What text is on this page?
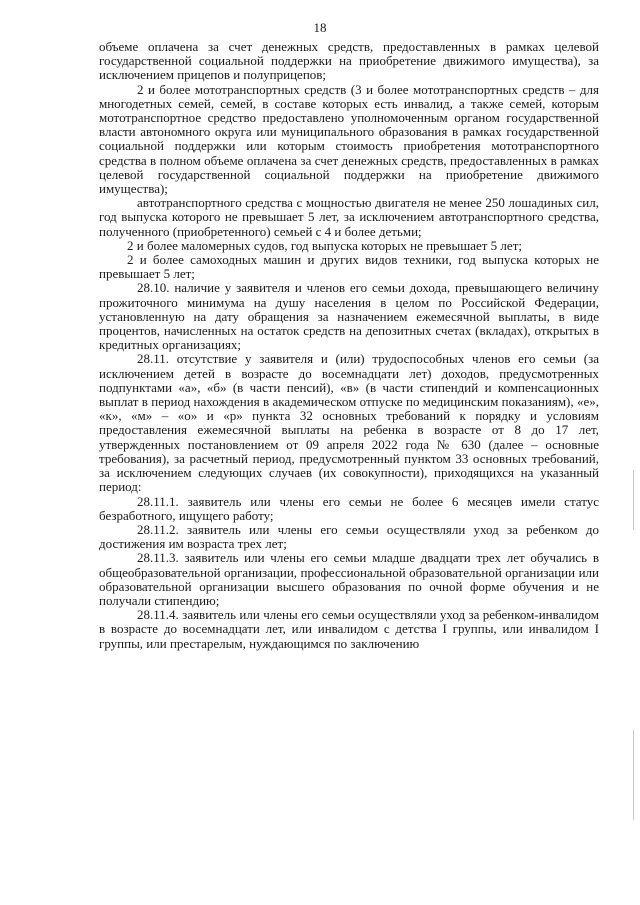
18

объеме оплачена за счет денежных средств, предоставленных в рамках целевой государственной социальной поддержки на приобретение движимого имущества), за исключением прицепов и полуприцепов;

2 и более мототранспортных средств (3 и более мототранспортных средств – для многодетных семей, семей, в составе которых есть инвалид, а также семей, которым мототранспортное средство предоставлено уполномоченным органом государственной власти автономного округа или муниципального образования в рамках государственной социальной поддержки или которым стоимость приобретения мототранспортного средства в полном объеме оплачена за счет денежных средств, предоставленных в рамках целевой государственной социальной поддержки на приобретение движимого имущества);

автотранспортного средства с мощностью двигателя не менее 250 лошадиных сил, год выпуска которого не превышает 5 лет, за исключением автотранспортного средства, полученного (приобретенного) семьей с 4 и более детьми;

2 и более маломерных судов, год выпуска которых не превышает 5 лет;

2 и более самоходных машин и других видов техники, год выпуска которых не превышает 5 лет;

28.10. наличие у заявителя и членов его семьи дохода, превышающего величину прожиточного минимума на душу населения в целом по Российской Федерации, установленную на дату обращения за назначением ежемесячной выплаты, в виде процентов, начисленных на остаток средств на депозитных счетах (вкладах), открытых в кредитных организациях;

28.11. отсутствие у заявителя и (или) трудоспособных членов его семьи (за исключением детей в возрасте до восемнадцати лет) доходов, предусмотренных подпунктами «а», «б» (в части пенсий), «в» (в части стипендий и компенсационных выплат в период нахождения в академическом отпуске по медицинским показаниям), «е», «к», «м» – «о» и «р» пункта 32 основных требований к порядку и условиям предоставления ежемесячной выплаты на ребенка в возрасте от 8 до 17 лет, утвержденных постановлением от 09 апреля 2022 года № 630 (далее – основные требования), за расчетный период, предусмотренный пунктом 33 основных требований, за исключением следующих случаев (их совокупности), приходящихся на указанный период:

28.11.1. заявитель или члены его семьи не более 6 месяцев имели статус безработного, ищущего работу;

28.11.2. заявитель или члены его семьи осуществляли уход за ребенком до достижения им возраста трех лет;

28.11.3. заявитель или члены его семьи младше двадцати трех лет обучались в общеобразовательной организации, профессиональной образовательной организации или образовательной организации высшего образования по очной форме обучения и не получали стипендию;

28.11.4. заявитель или члены его семьи осуществляли уход за ребенком-инвалидом в возрасте до восемнадцати лет, или инвалидом с детства I группы, или инвалидом I группы, или престарелым, нуждающимся по заключению
